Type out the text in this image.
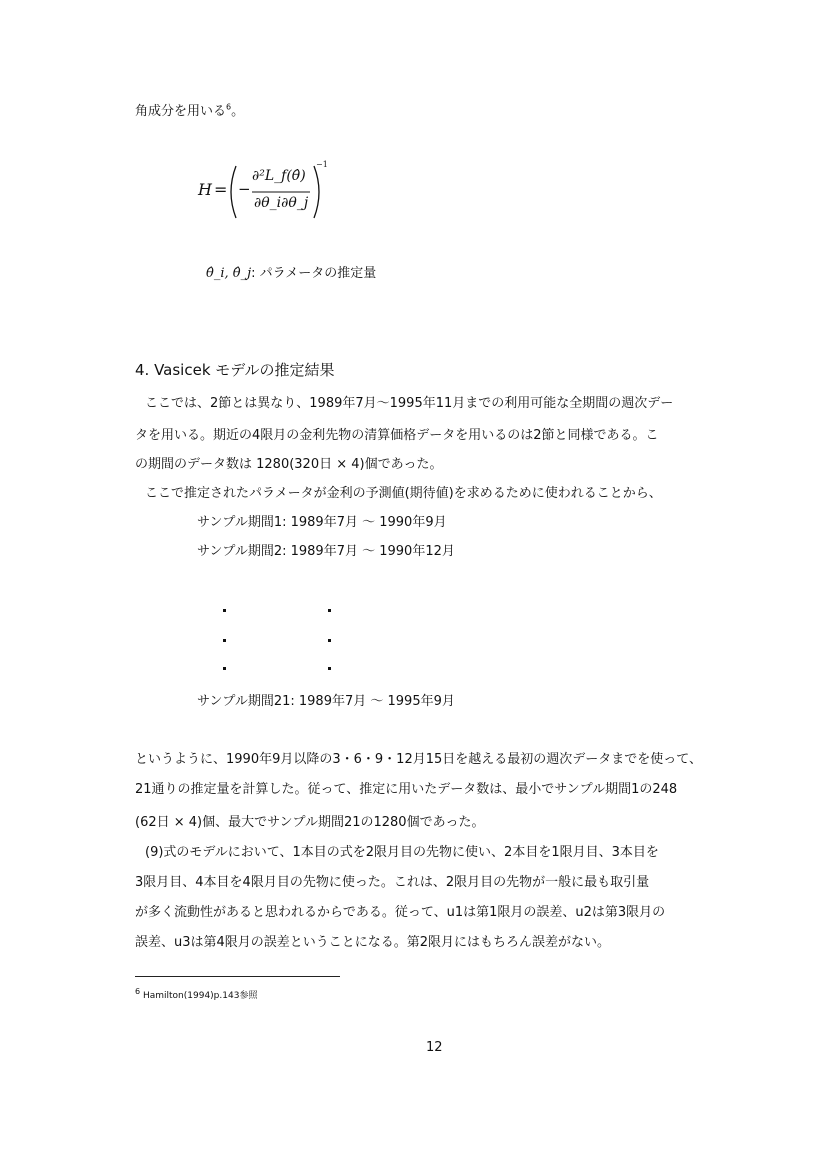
角成分を用いる$^6$。
H = −
∂²L_f(θ̂)
∂θ_i∂θ_j
−1
θ̂_i, θ̂_j: パラメータの推定量
4. Vasicek モデルの推定結果
ここでは、2節とは異なり、1989年7月～1995年11月までの利用可能な全期間の週次デー
タを用いる。期近の4限月の金利先物の清算価格データを用いるのは2節と同様である。こ
の期間のデータ数は 1280(320日 × 4)個であった。
ここで推定されたパラメータが金利の予測値(期待値)を求めるために使われることから、
サンプル期間1: 1989年7月 ～ 1990年9月
サンプル期間2: 1989年7月 ～ 1990年12月
サンプル期間21: 1989年7月 ～ 1995年9月
というように、1990年9月以降の3・6・9・12月15日を越える最初の週次データまでを使って、
21通りの推定量を計算した。従って、推定に用いたデータ数は、最小でサンプル期間1の248
(62日 × 4)個、最大でサンプル期間21の1280個であった。
(9)式のモデルにおいて、1本目の式を2限月目の先物に使い、2本目を1限月目、3本目を
3限月目、4本目を4限月目の先物に使った。これは、2限月目の先物が一般に最も取引量
が多く流動性があると思われるからである。従って、u1は第1限月の誤差、u2は第3限月の
誤差、u3は第4限月の誤差ということになる。第2限月にはもちろん誤差がない。
6 Hamilton(1994)p.143参照
12
